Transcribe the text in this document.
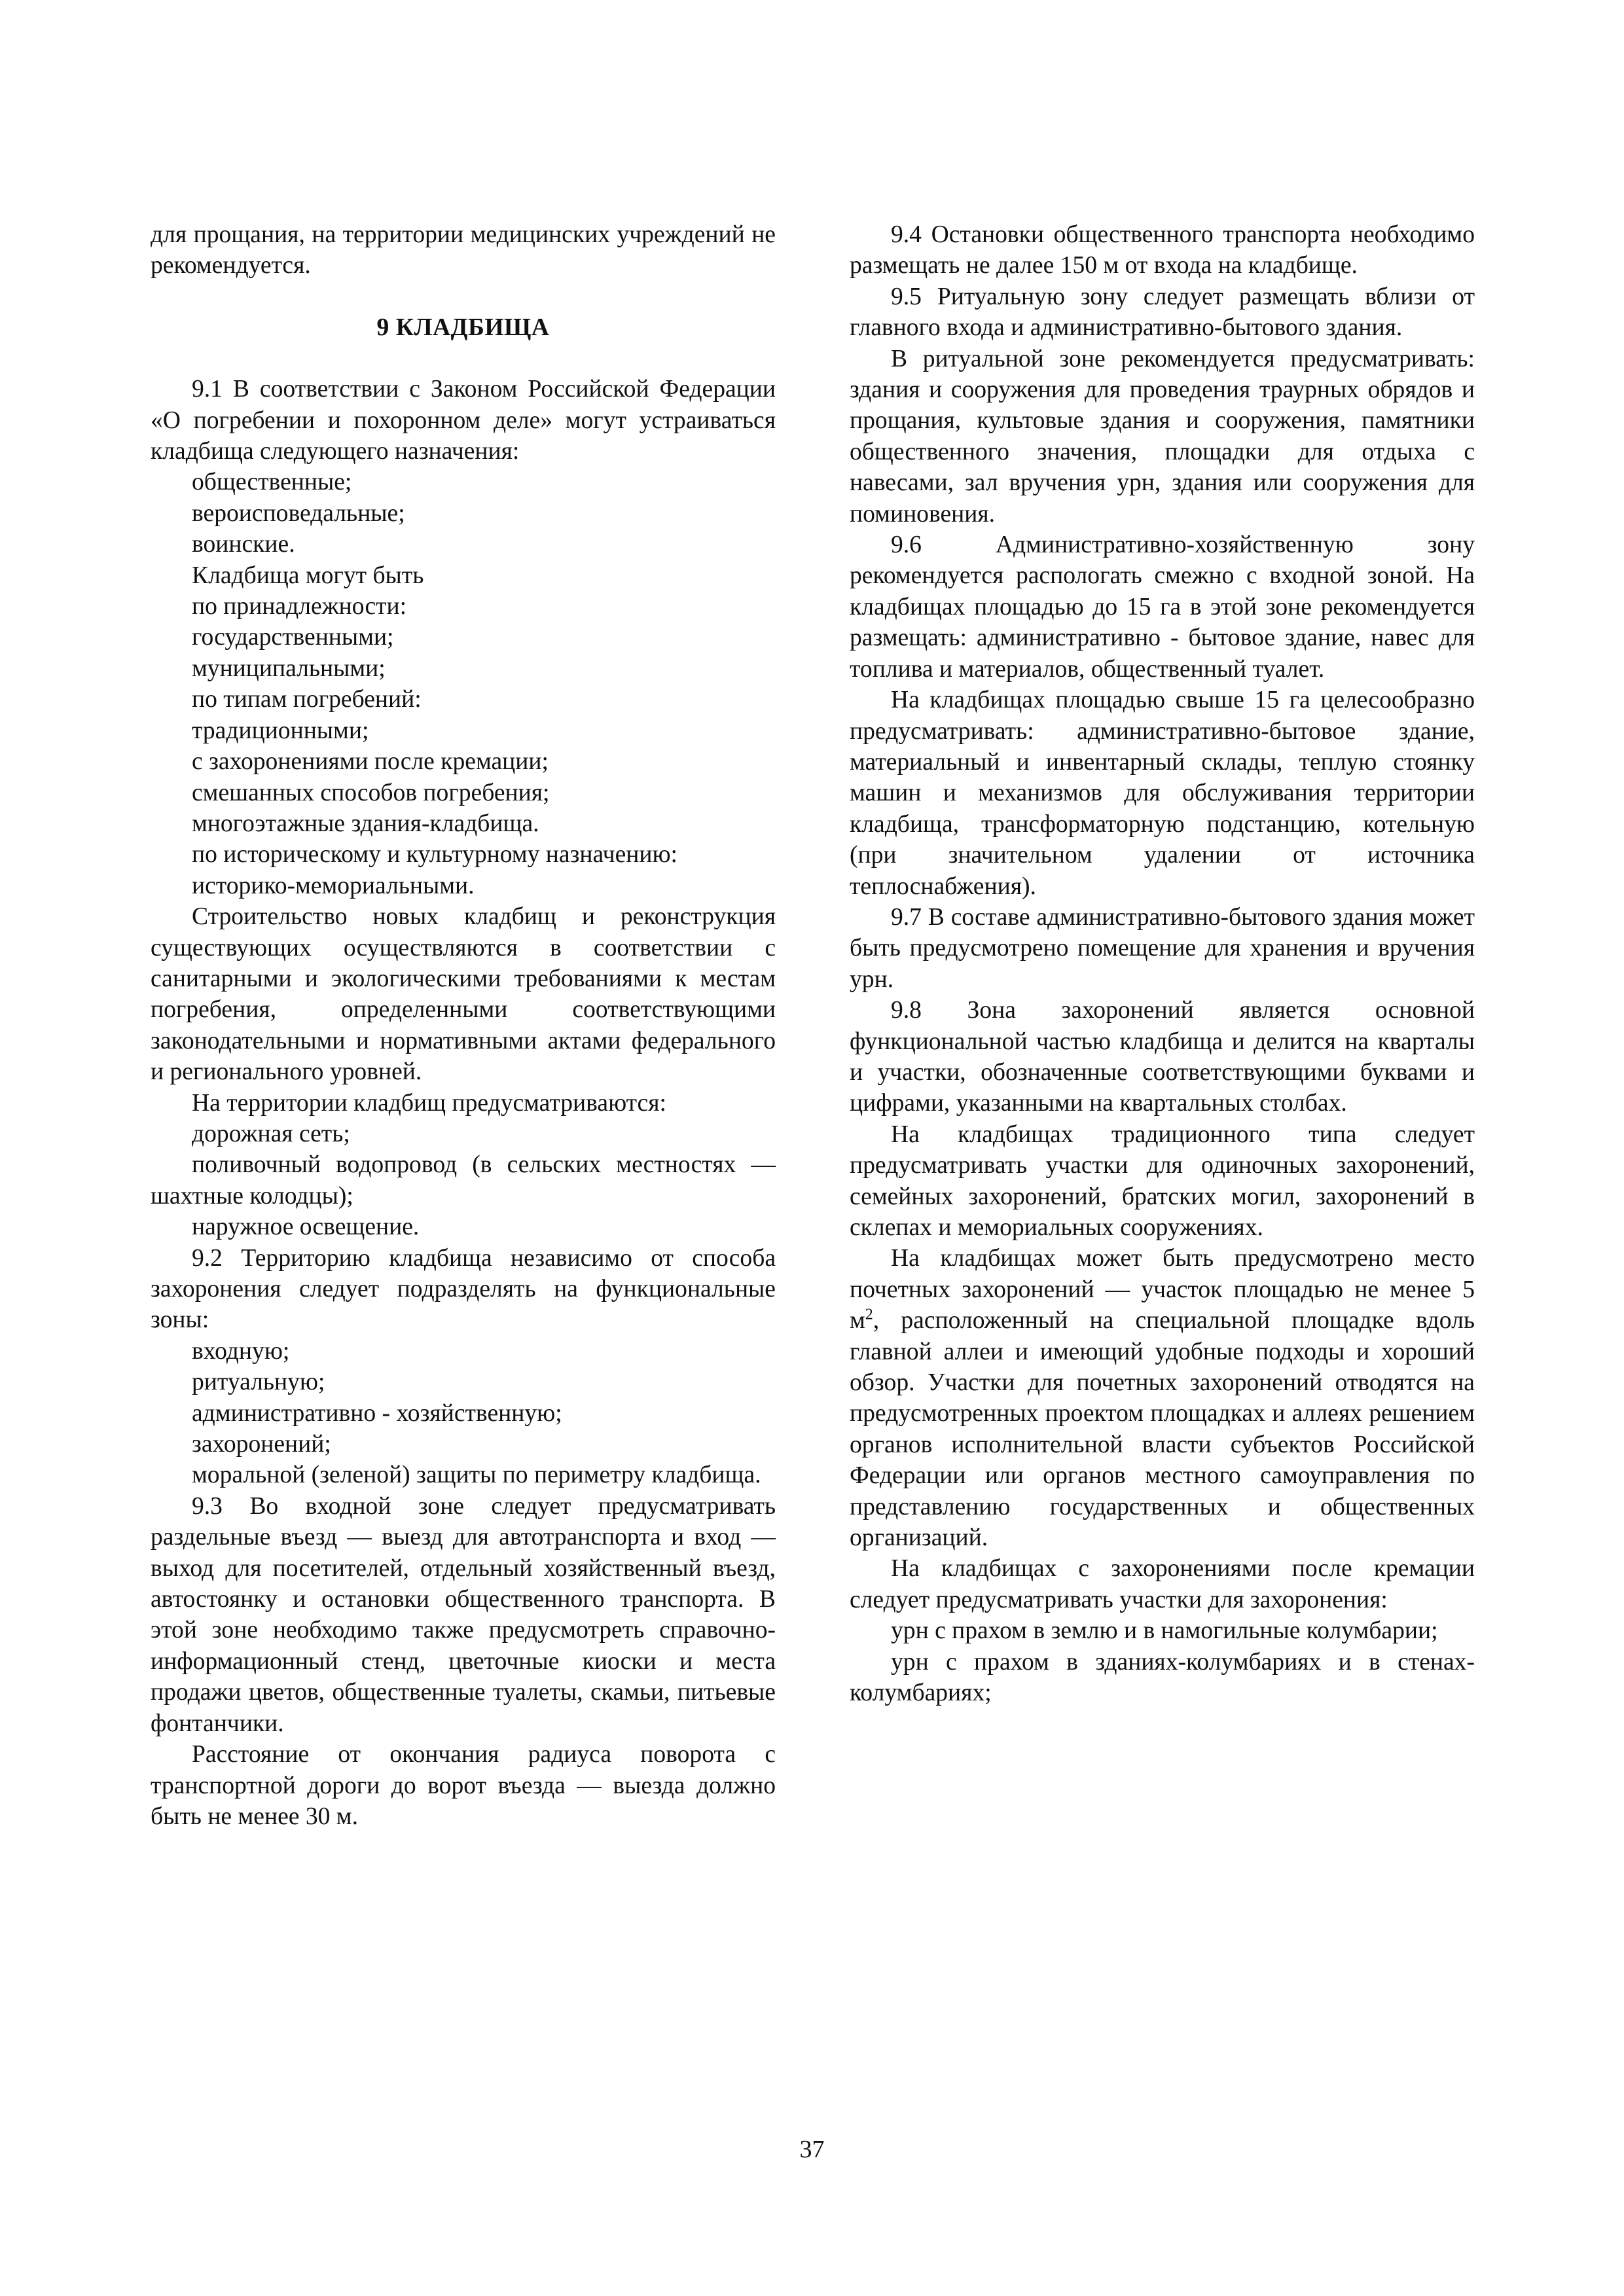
для прощания, на территории медицинских учреждений не рекомендуется.

9 КЛАДБИЩА

9.1 В соответствии с Законом Российской Федерации «О погребении и похоронном деле» могут устраиваться кладбища следующего назначения:

общественные;

вероисповедальные;

воинские.

Кладбища могут быть

по принадлежности:

государственными;

муниципальными;

по типам погребений:

традиционными;

с захоронениями после кремации;

смешанных способов погребения;

многоэтажные здания-кладбища.

по историческому и культурному назначению:

историко-мемориальными.

Строительство новых кладбищ и реконструкция существующих осуществляются в соответствии с санитарными и экологическими требованиями к местам погребения, определенными соответствующими законодательными и нормативными актами федерального и регионального уровней.

На территории кладбищ предусматриваются:

дорожная сеть;

поливочный водопровод (в сельских местностях — шахтные колодцы);

наружное освещение.

9.2 Территорию кладбища независимо от способа захоронения следует подразделять на функциональные зоны:

входную;

ритуальную;

административно - хозяйственную;

захоронений;

моральной (зеленой) защиты по периметру кладбища.

9.3 Во входной зоне следует предусматривать раздельные въезд — выезд для автотранспорта и вход — выход для посетителей, отдельный хозяйственный въезд, автостоянку и остановки общественного транспорта. В этой зоне необходимо также предусмотреть справочно-информационный стенд, цветочные киоски и места продажи цветов, общественные туалеты, скамьи, питьевые фонтанчики.

Расстояние от окончания радиуса поворота с транспортной дороги до ворот въезда — выезда должно быть не менее 30 м.

9.4 Остановки общественного транспорта необходимо размещать не далее 150 м от входа на кладбище.

9.5 Ритуальную зону следует размещать вблизи от главного входа и административно-бытового здания.

В ритуальной зоне рекомендуется предусматривать: здания и сооружения для проведения траурных обрядов и прощания, культовые здания и сооружения, памятники общественного значения, площадки для отдыха с навесами, зал вручения урн, здания или сооружения для поминовения.

9.6 Административно-хозяйственную зону рекомендуется распологать смежно с входной зоной. На кладбищах площадью до 15 га в этой зоне рекомендуется размещать: административно - бытовое здание, навес для топлива и материалов, общественный туалет.

На кладбищах площадью свыше 15 га целесообразно предусматривать: административно-бытовое здание, материальный и инвентарный склады, теплую стоянку машин и механизмов для обслуживания территории кладбища, трансформаторную подстанцию, котельную (при значительном удалении от источника теплоснабжения).

9.7 В составе административно-бытового здания может быть предусмотрено помещение для хранения и вручения урн.

9.8 Зона захоронений является основной функциональной частью кладбища и делится на кварталы и участки, обозначенные соответствующими буквами и цифрами, указанными на квартальных столбах.

На кладбищах традиционного типа следует предусматривать участки для одиночных захоронений, семейных захоронений, братских могил, захоронений в склепах и мемориальных сооружениях.

На кладбищах может быть предусмотрено место почетных захоронений — участок площадью не менее 5 $м^2$, расположенный на специальной площадке вдоль главной аллеи и имеющий удобные подходы и хороший обзор. Участки для почетных захоронений отводятся на предусмотренных проектом площадках и аллеях решением органов исполнительной власти субъектов Российской Федерации или органов местного самоуправления по представлению государственных и общественных организаций.

На кладбищах с захоронениями после кремации следует предусматривать участки для захоронения:

урн с прахом в землю и в намогильные колумбарии;

урн с прахом в зданиях-колумбариях и в стенах-колумбариях;

37
